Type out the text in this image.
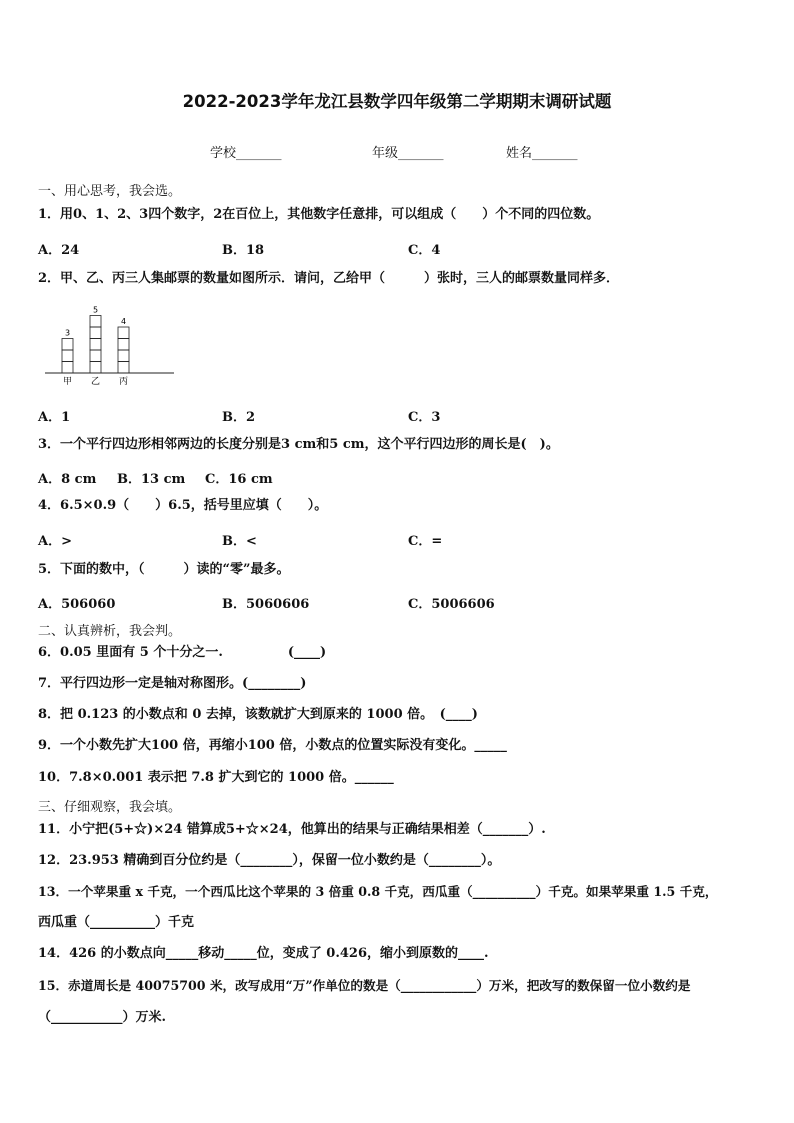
2022-2023学年龙江县数学四年级第二学期期末调研试题
学校_______	年级_______	姓名_______
一、用心思考，我会选。
1．用0、1、2、3四个数字，2在百位上，其他数字任意排，可以组成（　　）个不同的四位数。
A．24	B．18	C．4
2．甲、乙、丙三人集邮票的数量如图所示．请问，乙给甲（　　　）张时，三人的邮票数量同样多．
3
甲
5
乙
4
丙
A．1	B．2	C．3
3．一个平行四边形相邻两边的长度分别是3 cm和5 cm，这个平行四边形的周长是(　)。
A．8 cm B．13 cm C．16 cm
4．6.5×0.9（　　）6.5，括号里应填（　　）。
A．>	B．<	C．=
5．下面的数中，（　　　）读的“零”最多。
A．506060	B．5060606	C．5006606
二、认真辨析，我会判。
6．0.05 里面有 5 个十分之一.　　　　　(____)
7．平行四边形一定是轴对称图形。(________)
8．把 0.123 的小数点和 0 去掉，该数就扩大到原来的 1000 倍。　(____)
9．一个小数先扩大100 倍，再缩小100 倍，小数点的位置实际没有变化。_____
10．7.8×0.001 表示把 7.8 扩大到它的 1000 倍。______
三、仔细观察，我会填。
11．小宁把(5+☆)×24 错算成5+☆×24，他算出的结果与正确结果相差（_______）.
12．23.953 精确到百分位约是（________），保留一位小数约是（________）。
13．一个苹果重 x 千克，一个西瓜比这个苹果的 3 倍重 0.8 千克，西瓜重（__________）千克。如果苹果重 1.5 千克，
西瓜重（__________）千克
14．426 的小数点向_____移动_____位，变成了 0.426，缩小到原数的____.
15．赤道周长是 40075700 米，改写成用“万”作单位的数是（____________）万米，把改写的数保留一位小数约是
（___________）万米.
